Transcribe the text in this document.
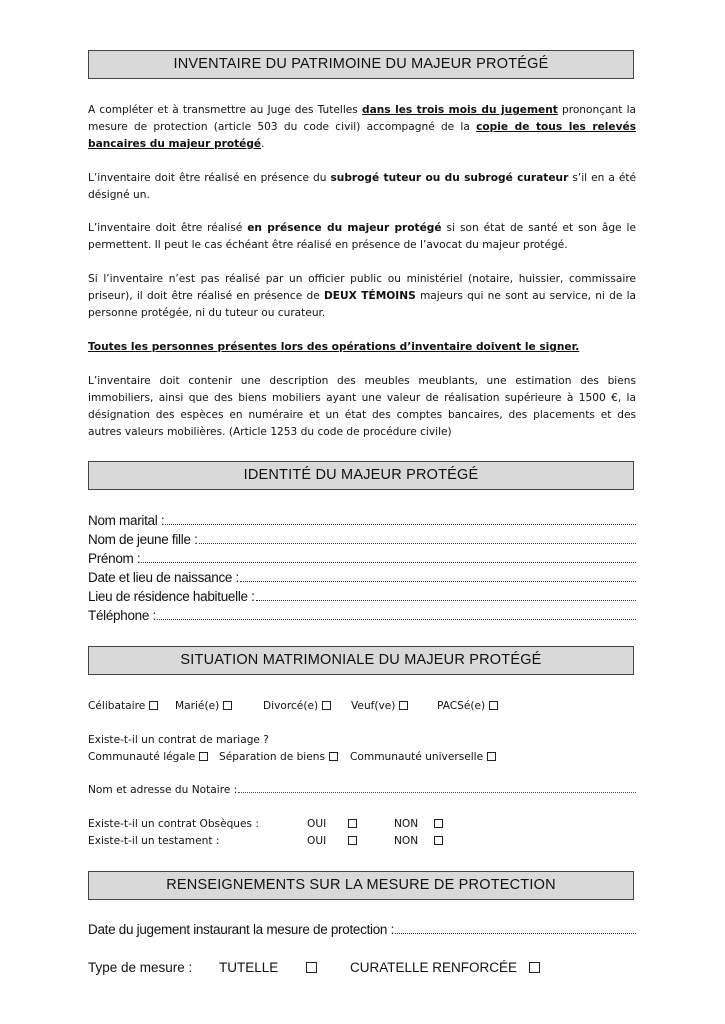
INVENTAIRE DU PATRIMOINE DU MAJEUR PROTÉGÉ

A compléter et à transmettre au Juge des Tutelles dans les trois mois du jugement prononçant la mesure de protection (article 503 du code civil) accompagné de la copie de tous les relevés bancaires du majeur protégé.

L’inventaire doit être réalisé en présence du subrogé tuteur ou du subrogé curateur s’il en a été désigné un.

L’inventaire doit être réalisé en présence du majeur protégé si son état de santé et son âge le permettent. Il peut le cas échéant être réalisé en présence de l’avocat du majeur protégé.

Si l’inventaire n’est pas réalisé par un officier public ou ministériel (notaire, huissier, commissaire priseur), il doit être réalisé en présence de DEUX TÉMOINS majeurs qui ne sont au service, ni de la personne protégée, ni du tuteur ou curateur.

Toutes les personnes présentes lors des opérations d’inventaire doivent le signer.

L’inventaire doit contenir une description des meubles meublants, une estimation des biens immobiliers, ainsi que des biens mobiliers ayant une valeur de réalisation supérieure à 1500 €, la désignation des espèces en numéraire et un état des comptes bancaires, des placements et des autres valeurs mobilières. (Article 1253 du code de procédure civile)

IDENTITÉ DU MAJEUR PROTÉGÉ
Nom marital :
Nom de jeune fille :
Prénom :
Date et lieu de naissance :
Lieu de résidence habituelle :
Téléphone :
SITUATION MATRIMONIALE DU MAJEUR PROTÉGÉ
Célibataire	Marié(e)	Divorcé(e)	Veuf(ve)	PACSé(e)
Existe-t-il un contrat de mariage ?
Communauté légale	Séparation de biens	Communauté universelle
Nom et adresse du Notaire :
Existe-t-il un contrat Obsèques :	OUI	NON
Existe-t-il un testament :	OUI	NON
RENSEIGNEMENTS SUR LA MESURE DE PROTECTION
Date du jugement instaurant la mesure de protection :
Type de mesure : TUTELLE	CURATELLE RENFORCÉE
